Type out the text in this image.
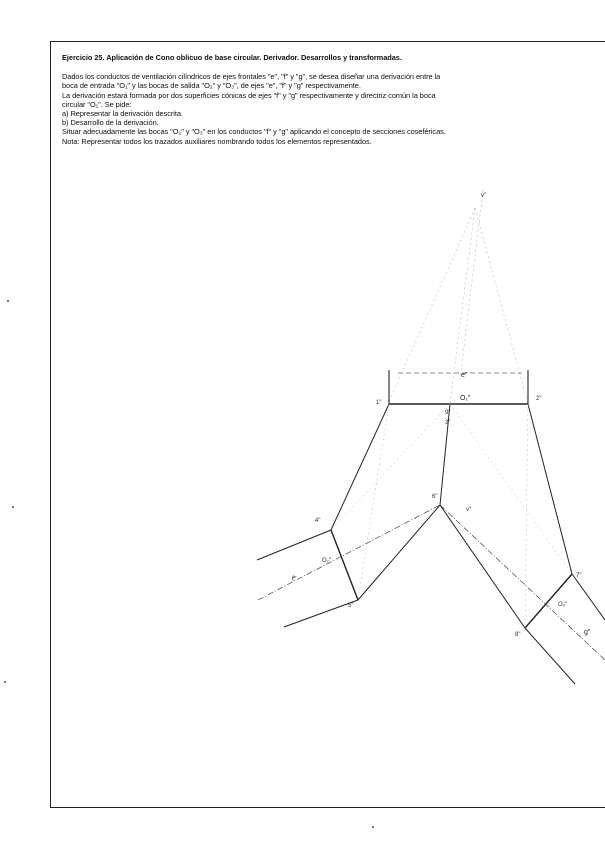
Ejercicio 25. Aplicación de Cono oblicuo de base circular. Derivador. Desarrollos y transformadas.

Dados los conductos de ventilación cilíndricos de ejes frontales "e", "f" y "g", se desea diseñar una derivación entre la

boca de entrada "O₁" y las bocas de salida "O₂" y "O₃", de ejes "e", "f" y "g" respectivamente.

La derivación estará formada por dos superficies cónicas de ejes "f" y "g" respectivamente y directriz común la boca

circular "O₁". Se pide:

a) Representar la derivación descrita.

b) Desarrollo de la derivación.

Situar adecuadamente las bocas "O₂" y "O₃" en los conductos "f" y "g" aplicando el concepto de secciones coseféricas.

Nota: Representar todos los trazados auxiliares nombrando todos los elementos representados.

e"
O₁"
O₂"
O₃"
f"
g"
v"
v"
1"
2"
3"
4"
5"
6"
7"
8"
9"
